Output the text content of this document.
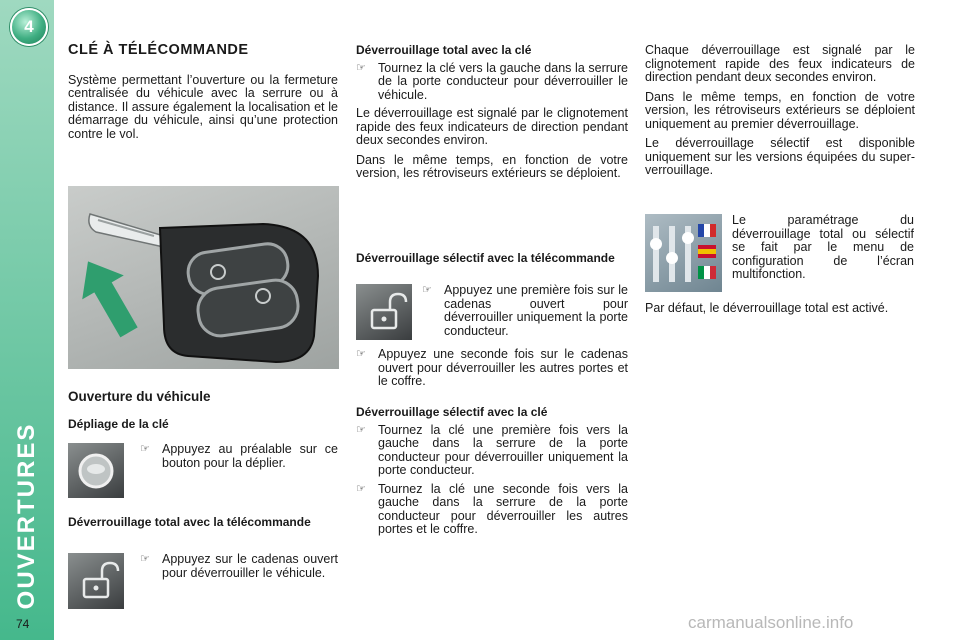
4
OUVERTURES
74
CLÉ À TÉLÉCOMMANDE

Système permettant l’ouverture ou la fermeture centralisée du véhicule avec la serrure ou à distance. Il assure également la localisation et le démarrage du véhicule, ainsi qu’une protection contre le vol.

Ouverture du véhicule
Dépliage de la clé
☞ Appuyez au préalable sur ce bouton pour la déplier.
Déverrouillage total avec la télécommande
☞ Appuyez sur le cadenas ouvert pour déverrouiller le véhicule.
Déverrouillage total avec la clé
☞ Tournez la clé vers la gauche dans la serrure de la porte conducteur pour déverrouiller le véhicule.

Le déverrouillage est signalé par le clignotement rapide des feux indicateurs de direction pendant deux secondes environ.

Dans le même temps, en fonction de votre version, les rétroviseurs extérieurs se déploient.

Déverrouillage sélectif avec la télécommande
☞ Appuyez une première fois sur le cadenas ouvert pour déverrouiller uniquement la porte conducteur.
☞ Appuyez une seconde fois sur le cadenas ouvert pour déverrouiller les autres portes et le coffre.
Déverrouillage sélectif avec la clé
☞ Tournez la clé une première fois vers la gauche dans la serrure de la porte conducteur pour déverrouiller uniquement la porte conducteur.
☞ Tournez la clé une seconde fois vers la gauche dans la serrure de la porte conducteur pour déverrouiller les autres portes et le coffre.

Chaque déverrouillage est signalé par le clignotement rapide des feux indicateurs de direction pendant deux secondes environ.

Dans le même temps, en fonction de votre version, les rétroviseurs extérieurs se déploient uniquement au premier déverrouillage.

Le déverrouillage sélectif est disponible uniquement sur les versions équipées du super-verrouillage.

Le paramétrage du déverrouillage total ou sélectif se fait par le menu de configuration de l’écran multifonction.

Par défaut, le déverrouillage total est activé.

carmanualsonline.info
